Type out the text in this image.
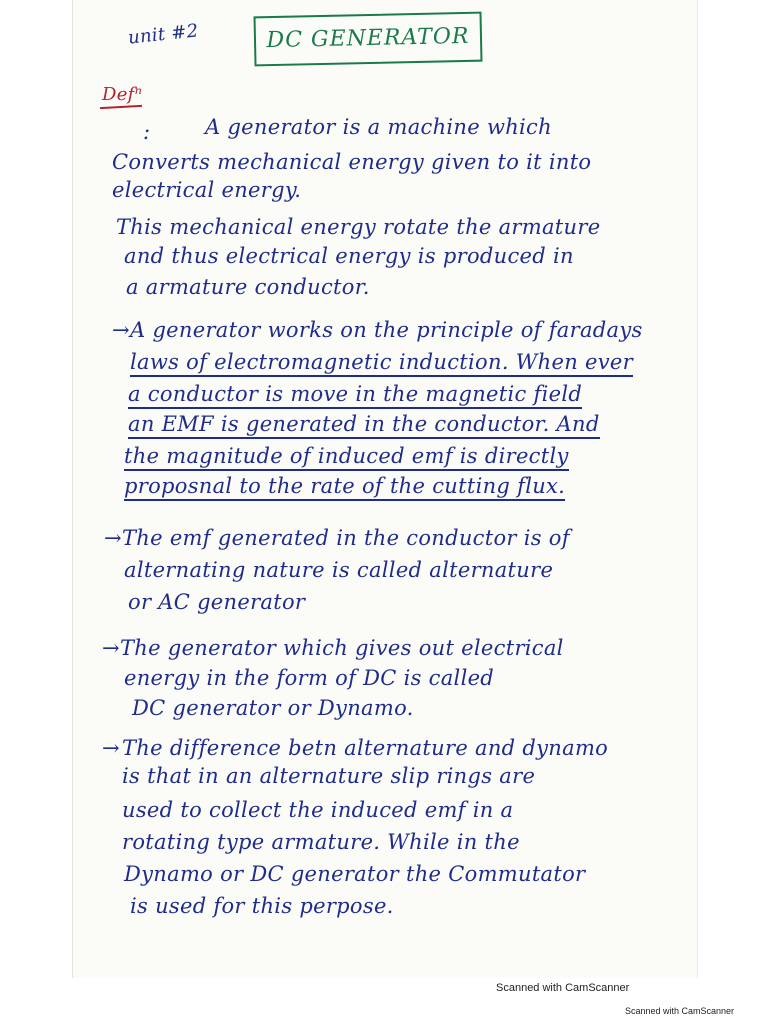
unit #2	DC GENERATOR
Defⁿ
:	A generator is a machine which
Converts mechanical energy given to it into
electrical energy.
This mechanical energy rotate the armature
and thus electrical energy is produced in
a armature conductor.
→ A generator works on the principle of faradays
laws of electromagnetic induction. When ever
a conductor is move in the magnetic field
an EMF is generated in the conductor. And
the magnitude of induced emf is directly
proposnal to the rate of the cutting flux.
→ The emf generated in the conductor is of
alternating nature is called alternature
or AC generator
→ The generator which gives out electrical
energy in the form of DC is called
DC generator or Dynamo.
→ The difference betn alternature and dynamo
is that in an alternature slip rings are
used to collect the induced emf in a
rotating type armature. While in the
Dynamo or DC generator the Commutator
is used for this perpose.
Scanned with CamScanner
Scanned with CamScanner
